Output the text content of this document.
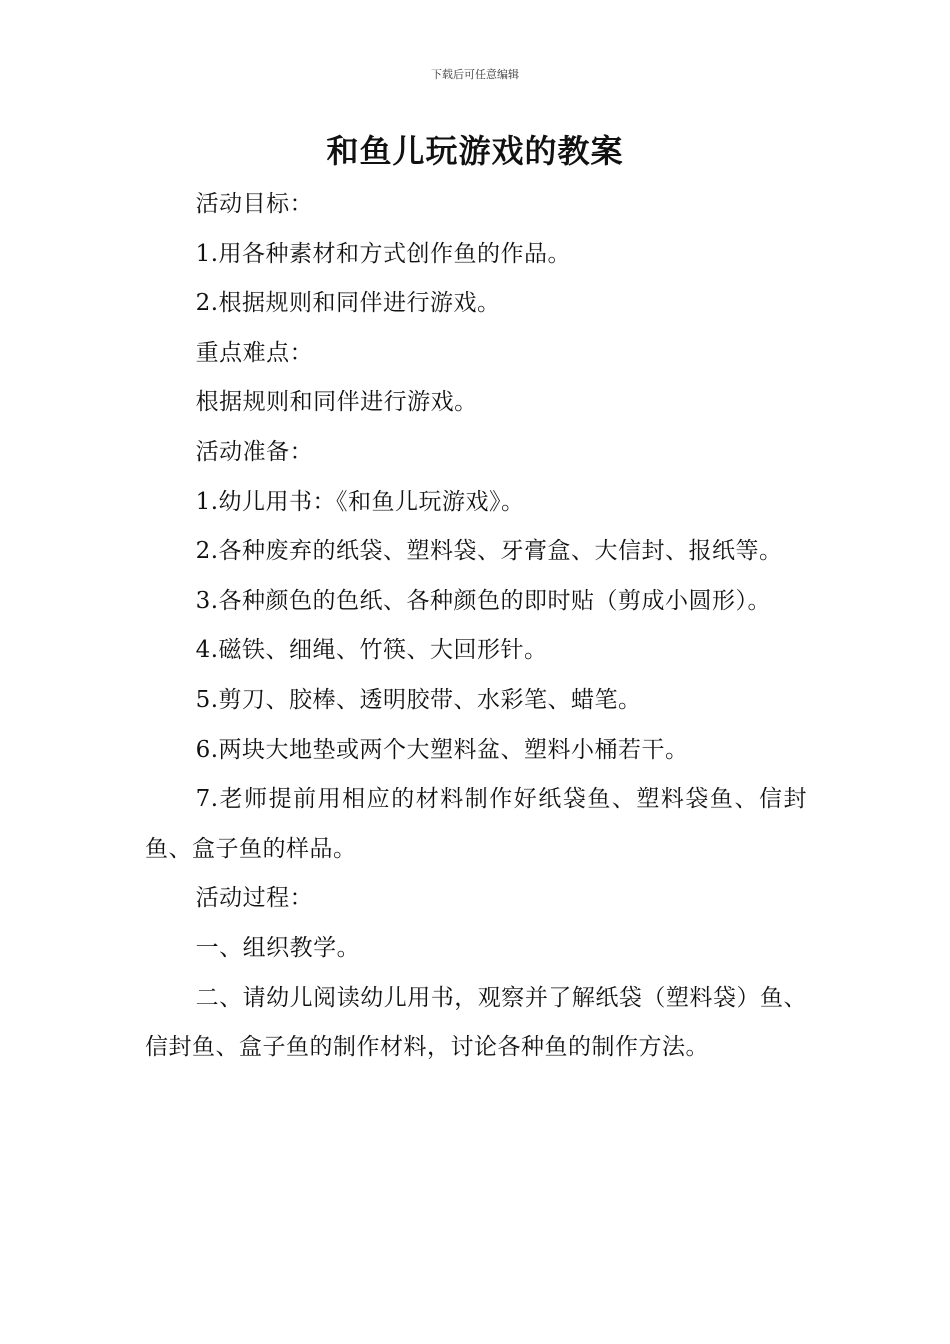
下载后可任意编辑
和鱼儿玩游戏的教案

活动目标：

1.用各种素材和方式创作鱼的作品。

2.根据规则和同伴进行游戏。

重点难点：

根据规则和同伴进行游戏。

活动准备：

1.幼儿用书：《和鱼儿玩游戏》。

2.各种废弃的纸袋、塑料袋、牙膏盒、大信封、报纸等。

3.各种颜色的色纸、各种颜色的即时贴（剪成小圆形）。

4.磁铁、细绳、竹筷、大回形针。

5.剪刀、胶棒、透明胶带、水彩笔、蜡笔。

6.两块大地垫或两个大塑料盆、塑料小桶若干。

7.老师提前用相应的材料制作好纸袋鱼、塑料袋鱼、信封鱼、盒子鱼的样品。

活动过程：

一、组织教学。

二、请幼儿阅读幼儿用书，观察并了解纸袋（塑料袋）鱼、信封鱼、盒子鱼的制作材料，讨论各种鱼的制作方法。
